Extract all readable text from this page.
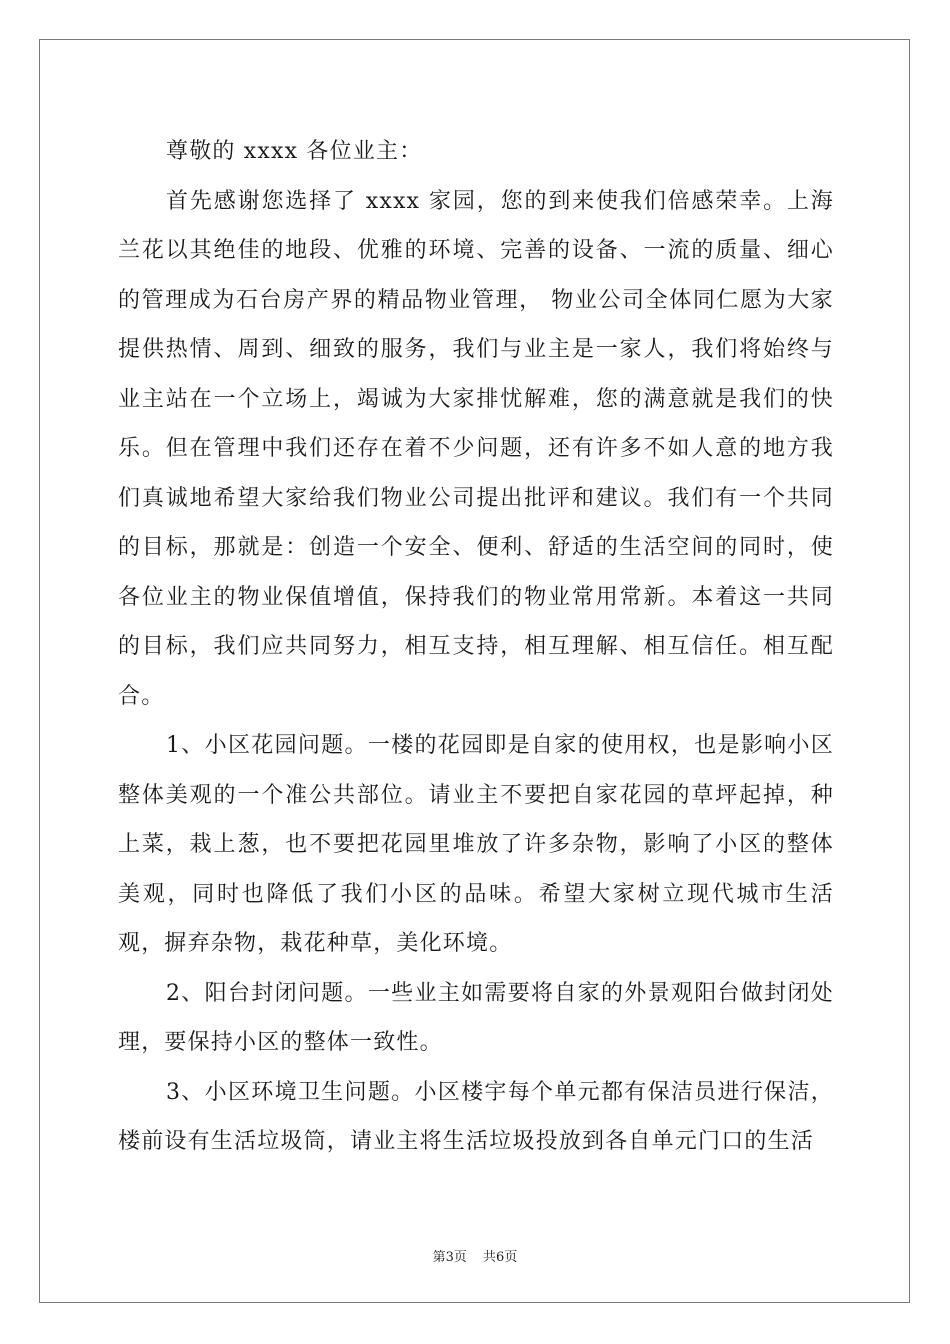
尊敬的 xxxx 各位业主：

首先感谢您选择了 xxxx 家园，您的到来使我们倍感荣幸。上海兰花以其绝佳的地段、优雅的环境、完善的设备、一流的质量、细心的管理成为石台房产界的精品物业管理， 物业公司全体同仁愿为大家提供热情、周到、细致的服务，我们与业主是一家人，我们将始终与业主站在一个立场上，竭诚为大家排忧解难，您的满意就是我们的快乐。但在管理中我们还存在着不少问题，还有许多不如人意的地方我们真诚地希望大家给我们物业公司提出批评和建议。我们有一个共同的目标，那就是：创造一个安全、便利、舒适的生活空间的同时，使各位业主的物业保值增值，保持我们的物业常用常新。本着这一共同的目标，我们应共同努力，相互支持，相互理解、相互信任。相互配合。

1、小区花园问题。一楼的花园即是自家的使用权，也是影响小区整体美观的一个准公共部位。请业主不要把自家花园的草坪起掉，种上菜，栽上葱，也不要把花园里堆放了许多杂物，影响了小区的整体美观，同时也降低了我们小区的品味。希望大家树立现代城市生活观，摒弃杂物，栽花种草，美化环境。

2、阳台封闭问题。一些业主如需要将自家的外景观阳台做封闭处理，要保持小区的整体一致性。

3、小区环境卫生问题。小区楼宇每个单元都有保洁员进行保洁，楼前设有生活垃圾筒，请业主将生活垃圾投放到各自单元门口的生活

第3页 共6页
